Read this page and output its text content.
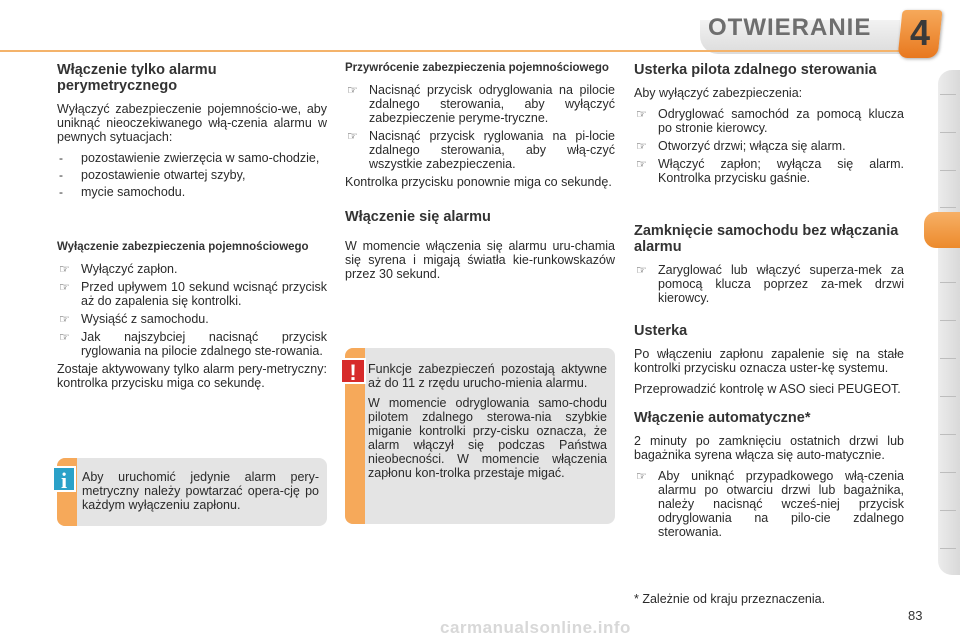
OTWIERANIE 4
Włączenie tylko alarmu perymetrycznego

Wyłączyć zabezpieczenie pojemnościo-we, aby uniknąć nieoczekiwanego włą-czenia alarmu w pewnych sytuacjach:

-	pozostawienie zwierzęcia w samo-chodzie,
-	pozostawienie otwartej szyby,
-	mycie samochodu.
Wyłączenie zabezpieczenia pojemnościowego
☞ Wyłączyć zapłon.
☞ Przed upływem 10 sekund wcisnąć przycisk aż do zapalenia się kontrolki.
☞ Wysiąść z samochodu.
☞ Jak najszybciej nacisnąć przycisk ryglowania na pilocie zdalnego ste-rowania.

Zostaje aktywowany tylko alarm pery-metryczny: kontrolka przycisku miga co sekundę.

Aby uruchomić jedynie alarm pery-metryczny należy powtarzać opera-cję po każdym wyłączeniu zapłonu.

i
Przywrócenie zabezpieczenia pojemnościowego
☞ Nacisnąć przycisk odryglowania na pilocie zdalnego sterowania, aby wyłączyć zabezpieczenie peryme-tryczne.
☞ Nacisnąć przycisk ryglowania na pi-locie zdalnego sterowania, aby włą-czyć wszystkie zabezpieczenia.

Kontrolka przycisku ponownie miga co sekundę.

Włączenie się alarmu

W momencie włączenia się alarmu uru-chamia się syrena i migają światła kie-runkowskazów przez 30 sekund.

Funkcje zabezpieczeń pozostają aktywne aż do 11 z rzędu urucho-mienia alarmu.

W momencie odryglowania samo-chodu pilotem zdalnego sterowa-nia szybkie miganie kontrolki przy-cisku oznacza, że alarm włączył się podczas Państwa nieobecności. W momencie włączenia zapłonu kon-trolka przestaje migać.

!
Usterka pilota zdalnego sterowania

Aby wyłączyć zabezpieczenia:

☞ Odryglować samochód za pomocą klucza po stronie kierowcy.
☞ Otworzyć drzwi; włącza się alarm.
☞ Włączyć zapłon; wyłącza się alarm. Kontrolka przycisku gaśnie.
Zamknięcie samochodu bez włączania alarmu
☞ Zaryglować lub włączyć superza-mek za pomocą klucza poprzez za-mek drzwi kierowcy.
Usterka

Po włączeniu zapłonu zapalenie się na stałe kontrolki przycisku oznacza uster-kę systemu.

Przeprowadzić kontrolę w ASO sieci PEUGEOT.

Włączenie automatyczne*

2 minuty po zamknięciu ostatnich drzwi lub bagażnika syrena włącza się auto-matycznie.

☞ Aby uniknąć przypadkowego włą-czenia alarmu po otwarciu drzwi lub bagażnika, należy nacisnąć wcześ-niej przycisk odryglowania na pilo-cie zdalnego sterowania.
* Zależnie od kraju przeznaczenia.
83
carmanualsonline.info
